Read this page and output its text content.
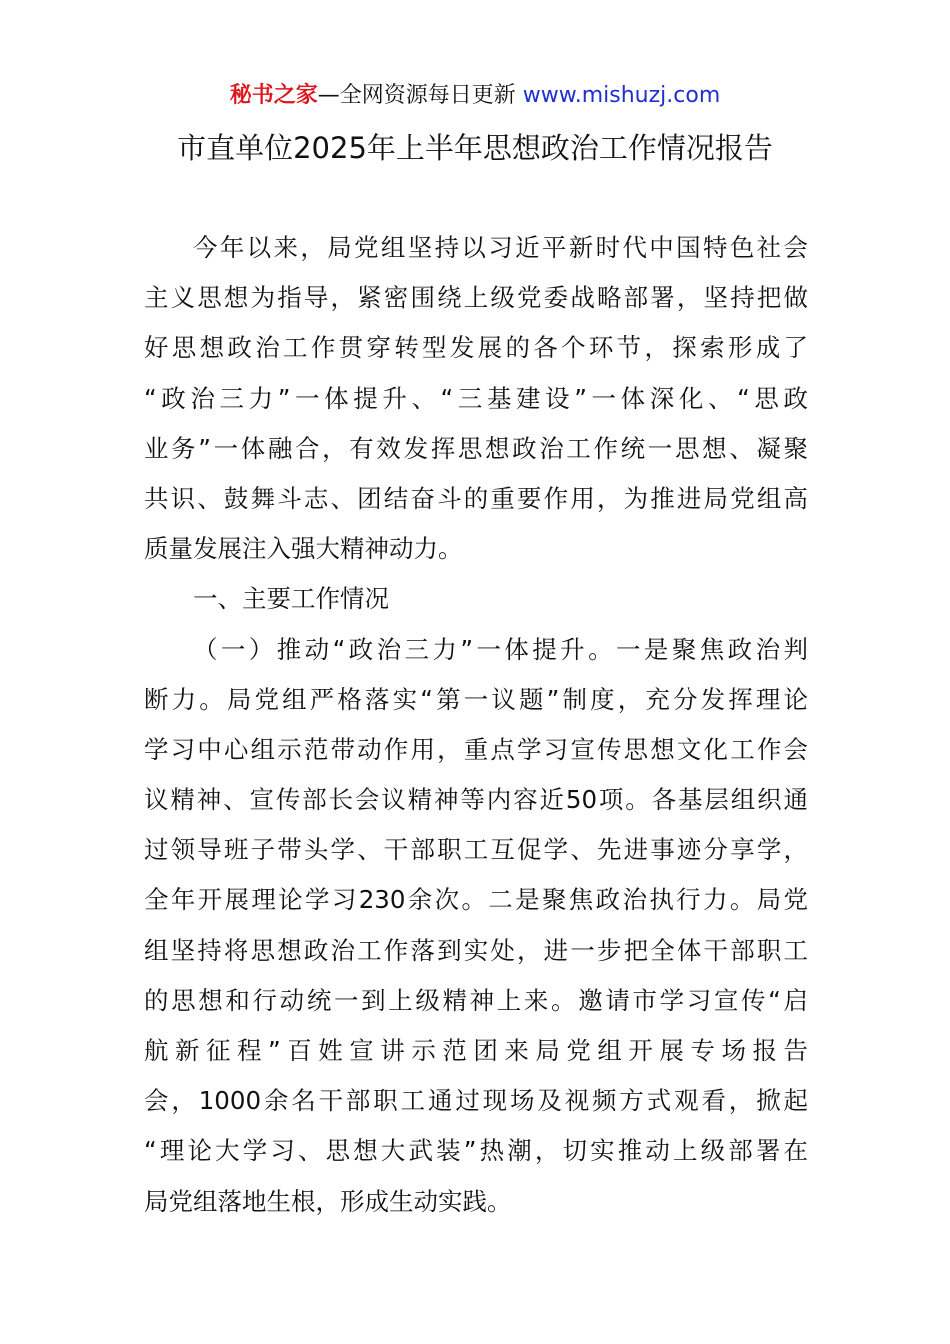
秘书之家—全网资源每日更新 www.mishuzj.com
市直单位2025年上半年思想政治工作情况报告
今年以来，局党组坚持以习近平新时代中国特色社会
主义思想为指导，紧密围绕上级党委战略部署，坚持把做
好思想政治工作贯穿转型发展的各个环节，探索形成了
“政治三力”一体提升、“三基建设”一体深化、“思政
业务”一体融合，有效发挥思想政治工作统一思想、凝聚
共识、鼓舞斗志、团结奋斗的重要作用，为推进局党组高
质量发展注入强大精神动力。
一、主要工作情况
（一）推动“政治三力”一体提升。一是聚焦政治判
断力。局党组严格落实“第一议题”制度，充分发挥理论
学习中心组示范带动作用，重点学习宣传思想文化工作会
议精神、宣传部长会议精神等内容近50项。各基层组织通
过领导班子带头学、干部职工互促学、先进事迹分享学，
全年开展理论学习230余次。二是聚焦政治执行力。局党
组坚持将思想政治工作落到实处，进一步把全体干部职工
的思想和行动统一到上级精神上来。邀请市学习宣传“启
航新征程”百姓宣讲示范团来局党组开展专场报告
会，1000余名干部职工通过现场及视频方式观看，掀起
“理论大学习、思想大武装”热潮，切实推动上级部署在
局党组落地生根，形成生动实践。
